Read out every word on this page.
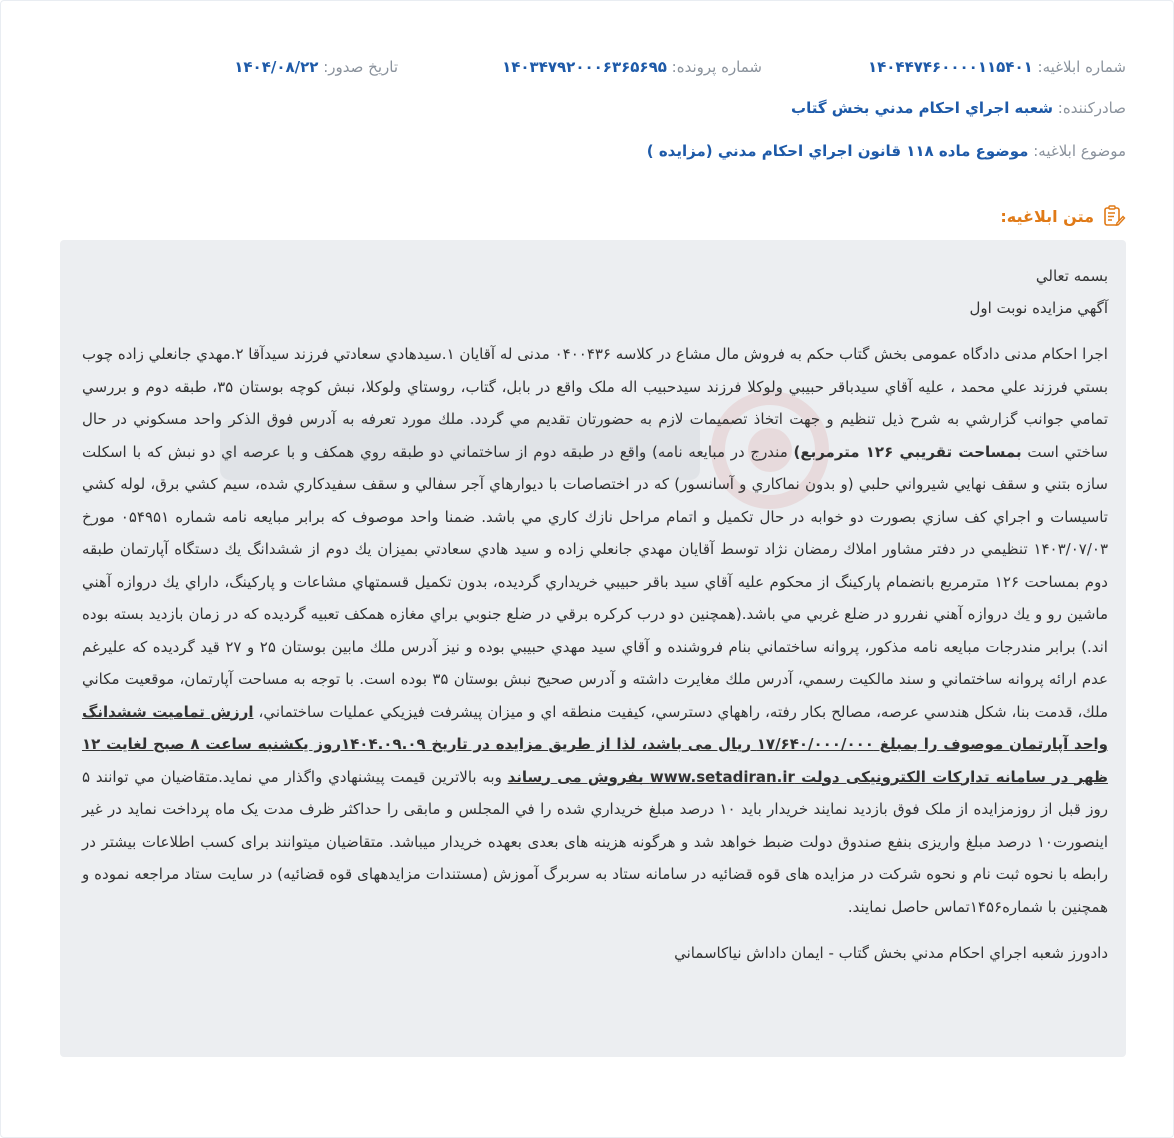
شماره ابلاغيه: ۱۴۰۴۴۷۴۶۰۰۰۰۱۱۵۴۰۱
شماره پرونده: ۱۴۰۳۴۷۹۲۰۰۰۶۳۶۵۶۹۵
تاريخ صدور: ۱۴۰۴/۰۸/۲۲
صادرکننده: شعبه اجراي احکام مدني بخش گتاب
موضوع ابلاغيه: موضوع ماده ۱۱۸ قانون اجراي احکام مدني (مزايده )
متن ابلاغيه:
بسمه تعالي
آگهي مزايده نوبت اول
اجرا احکام مدنی دادگاه عمومی بخش گتاب حکم به فروش مال مشاع در کلاسه ۰۴۰۰۴۳۶ مدنی له آقایان ۱.سیدهادي سعادتي فرزند سيدآقا ۲.مهدي جانعلي زاده چوب بستي فرزند علي محمد ، عليه آقاي سيدباقر حبيبي ولوکلا فرزند سیدحبیب اله ملک واقع در بابل، گتاب، روستاي ولوکلا، نبش کوچه بوستان ۳۵، طبقه دوم و بررسي تمامي جوانب گزارشي به شرح ذيل تنظيم و جهت اتخاذ تصميمات لازم به حضورتان تقديم مي گردد. ملك مورد تعرفه به آدرس فوق الذكر واحد مسكوني در حال ساختي است بمساحت تقريبي ۱۲۶ مترمربع) مندرج در مبايعه نامه) واقع در طبقه دوم از ساختماني دو طبقه روي همكف و با عرصه اي دو نبش كه با اسكلت سازه بتني و سقف نهايي شيرواني حلبي (و بدون نماكاري و آسانسور) كه در اختصاصات با ديوارهاي آجر سفالي و سقف سفيدكاري شده، سيم كشي برق، لوله كشي تاسيسات و اجراي كف سازي بصورت دو خوابه در حال تكميل و اتمام مراحل نازك كاري مي باشد. ضمنا واحد موصوف كه برابر مبايعه نامه شماره ۰۵۴۹۵۱ مورخ ۱۴۰۳/۰۷/۰۳ تنظيمي در دفتر مشاور املاك رمضان نژاد توسط آقايان مهدي جانعلي زاده و سيد هادي سعادتي بميزان يك دوم از ششدانگ يك دستگاه آپارتمان طبقه دوم بمساحت ۱۲۶ مترمربع بانضمام پاركينگ از محكوم عليه آقاي سيد باقر حبيبي خريداري گرديده، بدون تكميل قسمتهاي مشاعات و پاركينگ، داراي يك دروازه آهني ماشين رو و يك دروازه آهني نفررو در ضلع غربي مي باشد.(همچنين دو درب كركره برقي در ضلع جنوبي براي مغازه همكف تعبيه گرديده كه در زمان بازديد بسته بوده اند.) برابر مندرجات مبايعه نامه مذكور، پروانه ساختماني بنام فروشنده و آقاي سيد مهدي حبيبي بوده و نيز آدرس ملك مابين بوستان ۲۵ و ۲۷ قيد گرديده كه عليرغم عدم ارائه پروانه ساختماني و سند مالكيت رسمي، آدرس ملك مغايرت داشته و آدرس صحيح نبش بوستان ۳۵ بوده است. با توجه به مساحت آپارتمان، موقعيت مكاني ملك، قدمت بنا، شكل هندسي عرصه، مصالح بكار رفته، راههاي دسترسي، كيفيت منطقه اي و ميزان پيشرفت فيزيكي عمليات ساختماني، ارزش تماميت ششدانگ واحد آپارتمان موصوف را بمبلغ ۱۷/۶۴۰/۰۰۰/۰۰۰ ريال می باشد، لذا از طريق مزايده در تاريخ ۱۴۰۴.۰۹.۰۹روز یکشنبه ساعت ۸ صبح لغايت ۱۲ ظهر در سامانه تدارکات الکترونيکی دولت www.setadiran.ir بفروش می رساند وبه بالاترين قيمت پيشنهادي واگذار مي نمايد.متقاضيان مي توانند ۵ روز قبل از روزمزايده از ملک فوق بازديد نمايند خريدار بايد ۱۰ درصد مبلغ خريداري شده را في المجلس و مابقی را حداکثر ظرف مدت يک ماه پرداخت نمايد در غير اينصورت۱۰ درصد مبلغ واريزی بنفع صندوق دولت ضبط خواهد شد و هرگونه هزينه های بعدی بعهده خريدار ميباشد. متقاضيان ميتوانند برای کسب اطلاعات بيشتر در رابطه با نحوه ثبت نام و نحوه شرکت در مزايده های قوه قضائيه در سامانه ستاد به سربرگ آموزش (مستندات مزايدههای قوه قضائيه) در سايت ستاد مراجعه نموده و همچنين با شماره۱۴۵۶تماس حاصل نمايند.
دادورز شعبه اجراي احکام مدني بخش گتاب - ايمان داداش نياکاسماني
